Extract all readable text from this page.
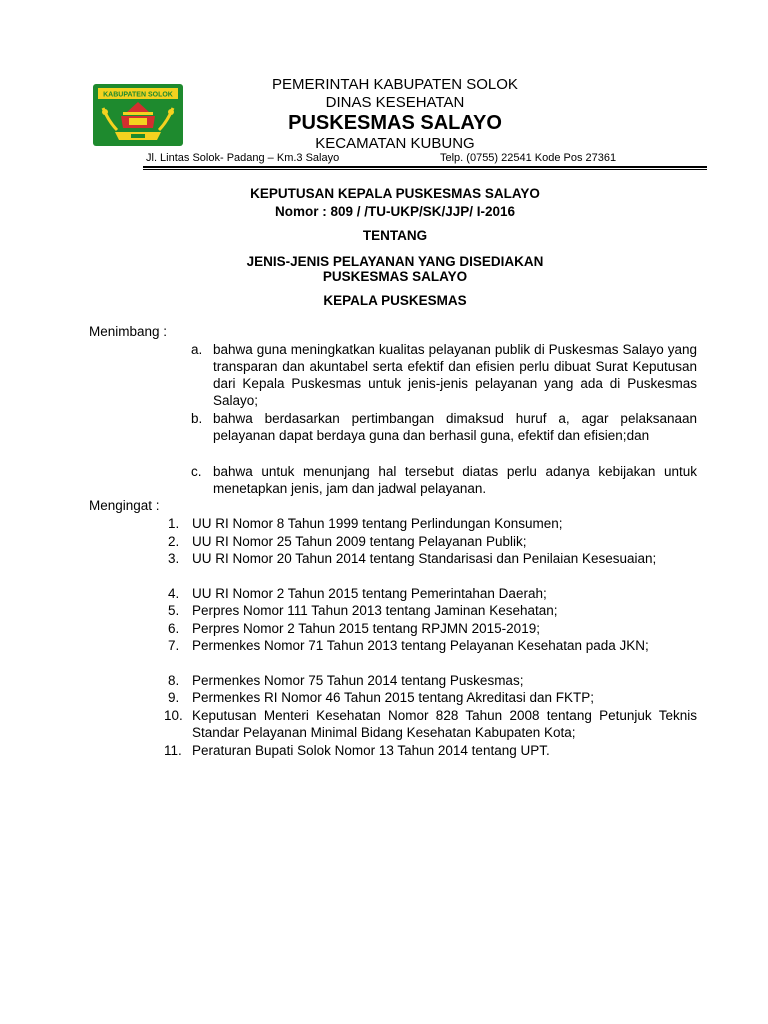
KABUPATEN SOLOK
PEMERINTAH KABUPATEN SOLOK
DINAS KESEHATAN
PUSKESMAS SALAYO
KECAMATAN KUBUNG
Jl. Lintas Solok- Padang – Km.3 Salayo	Telp. (0755) 22541 Kode Pos 27361
KEPUTUSAN KEPALA PUSKESMAS SALAYO
Nomor : 809 / /TU-UKP/SK/JJP/ I-2016
TENTANG
JENIS-JENIS PELAYANAN YANG DISEDIAKAN
PUSKESMAS SALAYO
KEPALA PUSKESMAS
Menimbang :
a. bahwa guna meningkatkan kualitas pelayanan publik di Puskesmas Salayo yang transparan dan akuntabel serta efektif dan efisien perlu dibuat Surat Keputusan dari Kepala Puskesmas untuk jenis-jenis pelayanan yang ada di Puskesmas Salayo;
b. bahwa berdasarkan pertimbangan dimaksud huruf a, agar pelaksanaan pelayanan dapat berdaya guna dan berhasil guna, efektif dan efisien;dan
c. bahwa untuk menunjang hal tersebut diatas perlu adanya kebijakan untuk menetapkan jenis, jam dan jadwal pelayanan.
Mengingat :
1. UU RI Nomor 8 Tahun 1999 tentang Perlindungan Konsumen;
2. UU RI Nomor 25 Tahun 2009 tentang Pelayanan Publik;
3. UU RI Nomor 20 Tahun 2014 tentang Standarisasi dan Penilaian Kesesuaian;
4. UU RI Nomor 2 Tahun 2015 tentang Pemerintahan Daerah;
5. Perpres Nomor 111 Tahun 2013 tentang Jaminan Kesehatan;
6. Perpres Nomor 2 Tahun 2015 tentang RPJMN 2015-2019;
7. Permenkes Nomor 71 Tahun 2013 tentang Pelayanan Kesehatan pada JKN;
8. Permenkes Nomor 75 Tahun 2014 tentang Puskesmas;
9. Permenkes RI Nomor 46 Tahun 2015 tentang Akreditasi dan FKTP;
10. Keputusan Menteri Kesehatan Nomor 828 Tahun 2008 tentang Petunjuk Teknis Standar Pelayanan Minimal Bidang Kesehatan Kabupaten Kota;
11. Peraturan Bupati Solok Nomor 13 Tahun 2014 tentang UPT.
